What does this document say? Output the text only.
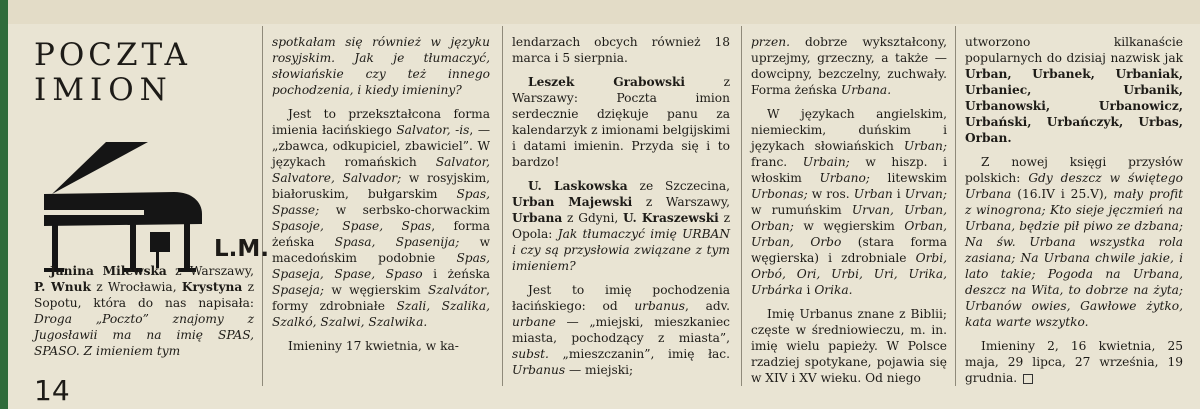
POCZTA
IMION
L.M.

Janina Milewska z Warszawy, P. Wnuk z Wrocławia, Krystyna z Sopotu, która do nas napisała: Droga „Poczto” znajomy z Jugosławii ma na imię SPAS, SPASO. Z imieniem tym

14

spotkałam się również w języku rosyjskim. Jak je tłumaczyć, słowiańskie czy też innego pochodzenia, i kiedy imieniny?

Jest to przekształcona forma imienia łacińskiego Salvator, -is, — „zbawca, odkupiciel, zbawiciel”. W językach romańskich Salvator, Salvatore, Salvador; w rosyjskim, białoruskim, bułgarskim Spas, Spasse; w serbsko-chorwackim Spasoje, Spase, Spas, forma żeńska Spasa, Spasenija; w macedońskim podobnie Spas, Spaseja, Spase, Spaso i żeńska Spaseja; w węgierskim Szalvátor, formy zdrobniałe Szali, Szalika, Szalkó, Szalwi, Szalwika.

Imieniny 17 kwietnia, w ka-

lendarzach obcych również 18 marca i 5 sierpnia.

Leszek Grabowski z Warszawy: Poczta imion serdecznie dziękuje panu za kalendarzyk z imionami belgijskimi i datami imienin. Przyda się i to bardzo!

U. Laskowska ze Szczecina, Urban Majewski z Warszawy, Urbana z Gdyni, U. Kraszewski z Opola: Jak tłumaczyć imię URBAN i czy są przysłowia związane z tym imieniem?

Jest to imię pochodzenia łacińskiego: od urbanus, adv. urbane — „miejski, mieszkaniec miasta, pochodzący z miasta”, subst. „mieszczanin”, imię łac. Urbanus — miejski;

przen. dobrze wykształcony, uprzejmy, grzeczny, a także — dowcipny, bezczelny, zuchwały. Forma żeńska Urbana.

W językach angielskim, niemieckim, duńskim i językach słowiańskich Urban; franc. Urbain; w hiszp. i włoskim Urbano; litewskim Urbonas; w ros. Urban i Urvan; w rumuńskim Urvan, Urban, Orban; w węgierskim Orban, Urban, Orbo (stara forma węgierska) i zdrobniale Orbi, Orbó, Ori, Urbi, Uri, Urika, Urbárka i Orika.

Imię Urbanus znane z Biblii; częste w średniowieczu, m. in. imię wielu papieży. W Polsce rzadziej spotykane, pojawia się w XIV i XV wieku. Od niego

utworzono kilkanaście popularnych do dzisiaj nazwisk jak Urban, Urbanek, Urbaniak, Urbaniec, Urbanik, Urbanowski, Urbanowicz, Urbański, Urbańczyk, Urbas, Orban.

Z nowej księgi przysłów polskich: Gdy deszcz w świętego Urbana (16.IV i 25.V), mały profit z winogrona; Kto sieje jęczmień na Urbana, będzie pił piwo ze dzbana; Na św. Urbana wszystka rola zasiana; Na Urbana chwile jakie, i lato takie; Pogoda na Urbana, deszcz na Wita, to dobrze na żyta; Urbanów owies, Gawłowe żytko, kata warte wszytko.

Imieniny 2, 16 kwietnia, 25 maja, 29 lipca, 27 września, 19 grudnia.
